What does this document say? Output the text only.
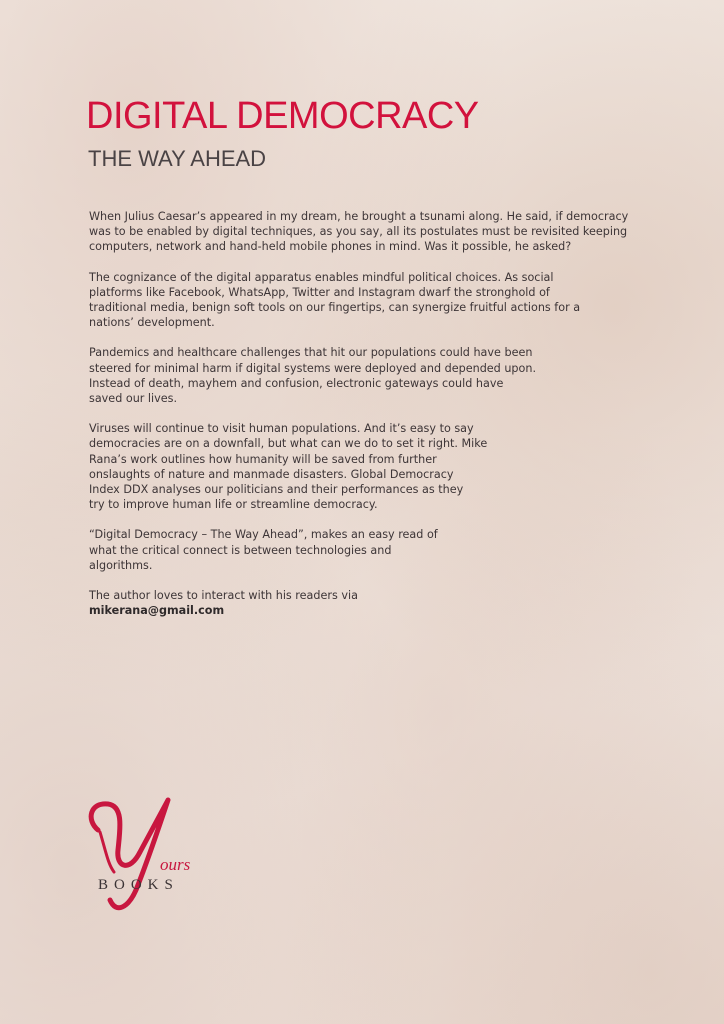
DIGITAL DEMOCRACY
THE WAY AHEAD

When Julius Caesar’s appeared in my dream, he brought a tsunami along. He said, if democracy
was to be enabled by digital techniques, as you say, all its postulates must be revisited keeping
computers, network and hand-held mobile phones in mind. Was it possible, he asked?

The cognizance of the digital apparatus enables mindful political choices. As social
platforms like Facebook, WhatsApp, Twitter and Instagram dwarf the stronghold of
traditional media, benign soft tools on our fingertips, can synergize fruitful actions for a
nations’ development.

Pandemics and healthcare challenges that hit our populations could have been
steered for minimal harm if digital systems were deployed and depended upon.
Instead of death, mayhem and confusion, electronic gateways could have
saved our lives.

Viruses will continue to visit human populations. And it’s easy to say
democracies are on a downfall, but what can we do to set it right. Mike
Rana’s work outlines how humanity will be saved from further
onslaughts of nature and manmade disasters. Global Democracy
Index DDX analyses our politicians and their performances as they
try to improve human life or streamline democracy.

“Digital Democracy – The Way Ahead”, makes an easy read of
what the critical connect is between technologies and
algorithms.

The author loves to interact with his readers via
mikerana@gmail.com

ours
BOOKS
